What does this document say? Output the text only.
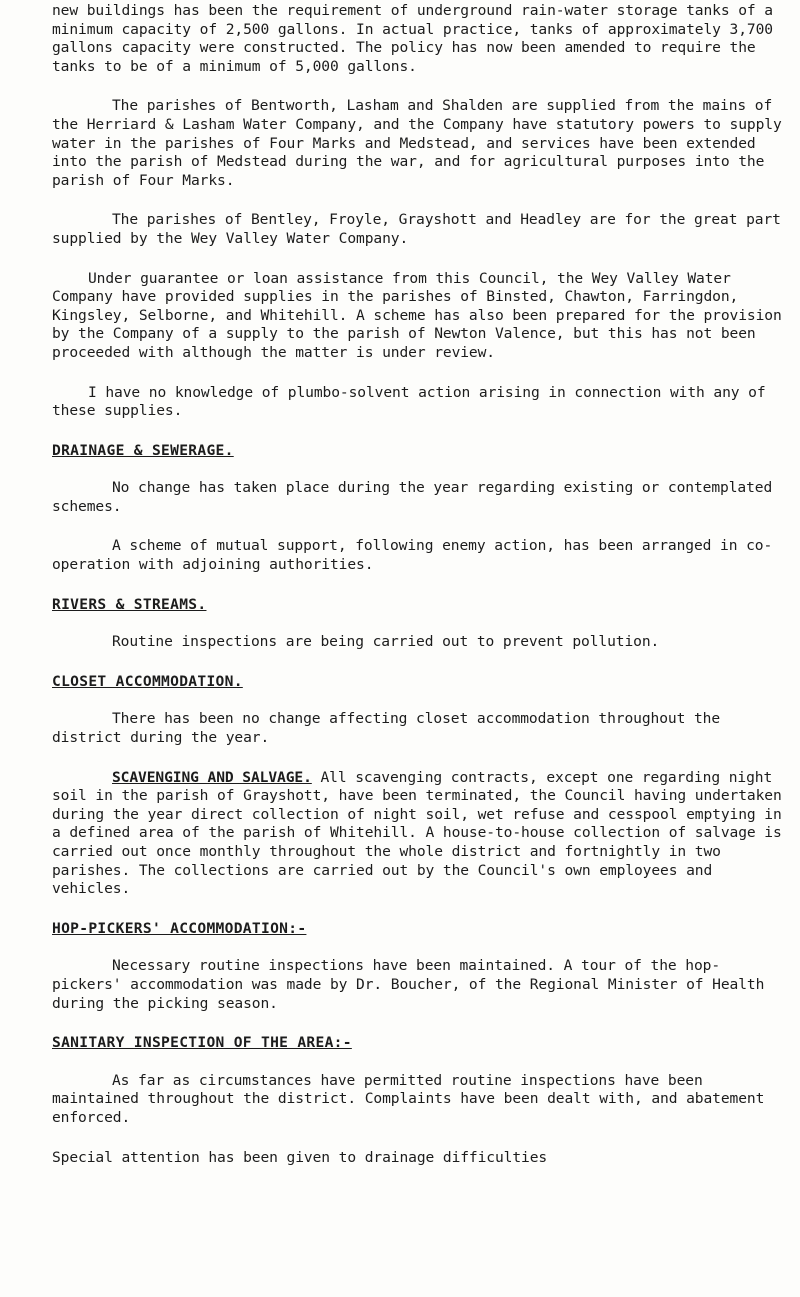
new buildings has been the requirement of underground rain-water storage tanks of a minimum capacity of 2,500 gallons. In actual practice, tanks of approximately 3,700 gallons capacity were constructed. The policy has now been amended to require the tanks to be of a minimum of 5,000 gallons.

The parishes of Bentworth, Lasham and Shalden are supplied from the mains of the Herriard & Lasham Water Company, and the Company have statutory powers to supply water in the parishes of Four Marks and Medstead, and services have been extended into the parish of Medstead during the war, and for agricultural purposes into the parish of Four Marks.

The parishes of Bentley, Froyle, Grayshott and Headley are for the great part supplied by the Wey Valley Water Company.

Under guarantee or loan assistance from this Council, the Wey Valley Water Company have provided supplies in the parishes of Binsted, Chawton, Farringdon, Kingsley, Selborne, and Whitehill. A scheme has also been prepared for the provision by the Company of a supply to the parish of Newton Valence, but this has not been proceeded with although the matter is under review.

I have no knowledge of plumbo-solvent action arising in connection with any of these supplies.

DRAINAGE & SEWERAGE.

No change has taken place during the year regarding existing or contemplated schemes.

A scheme of mutual support, following enemy action, has been arranged in co-operation with adjoining authorities.

RIVERS & STREAMS.

Routine inspections are being carried out to prevent pollution.

CLOSET ACCOMMODATION.

There has been no change affecting closet accommodation throughout the district during the year.

SCAVENGING AND SALVAGE. All scavenging contracts, except one regarding night soil in the parish of Grayshott, have been terminated, the Council having undertaken during the year direct collection of night soil, wet refuse and cesspool emptying in a defined area of the parish of Whitehill. A house-to-house collection of salvage is carried out once monthly throughout the whole district and fortnightly in two parishes. The collections are carried out by the Council's own employees and vehicles.

HOP-PICKERS' ACCOMMODATION:-

Necessary routine inspections have been maintained. A tour of the hop-pickers' accommodation was made by Dr. Boucher, of the Regional Minister of Health during the picking season.

SANITARY INSPECTION OF THE AREA:-

As far as circumstances have permitted routine inspections have been maintained throughout the district. Complaints have been dealt with, and abatement enforced.

Special attention has been given to drainage difficulties
